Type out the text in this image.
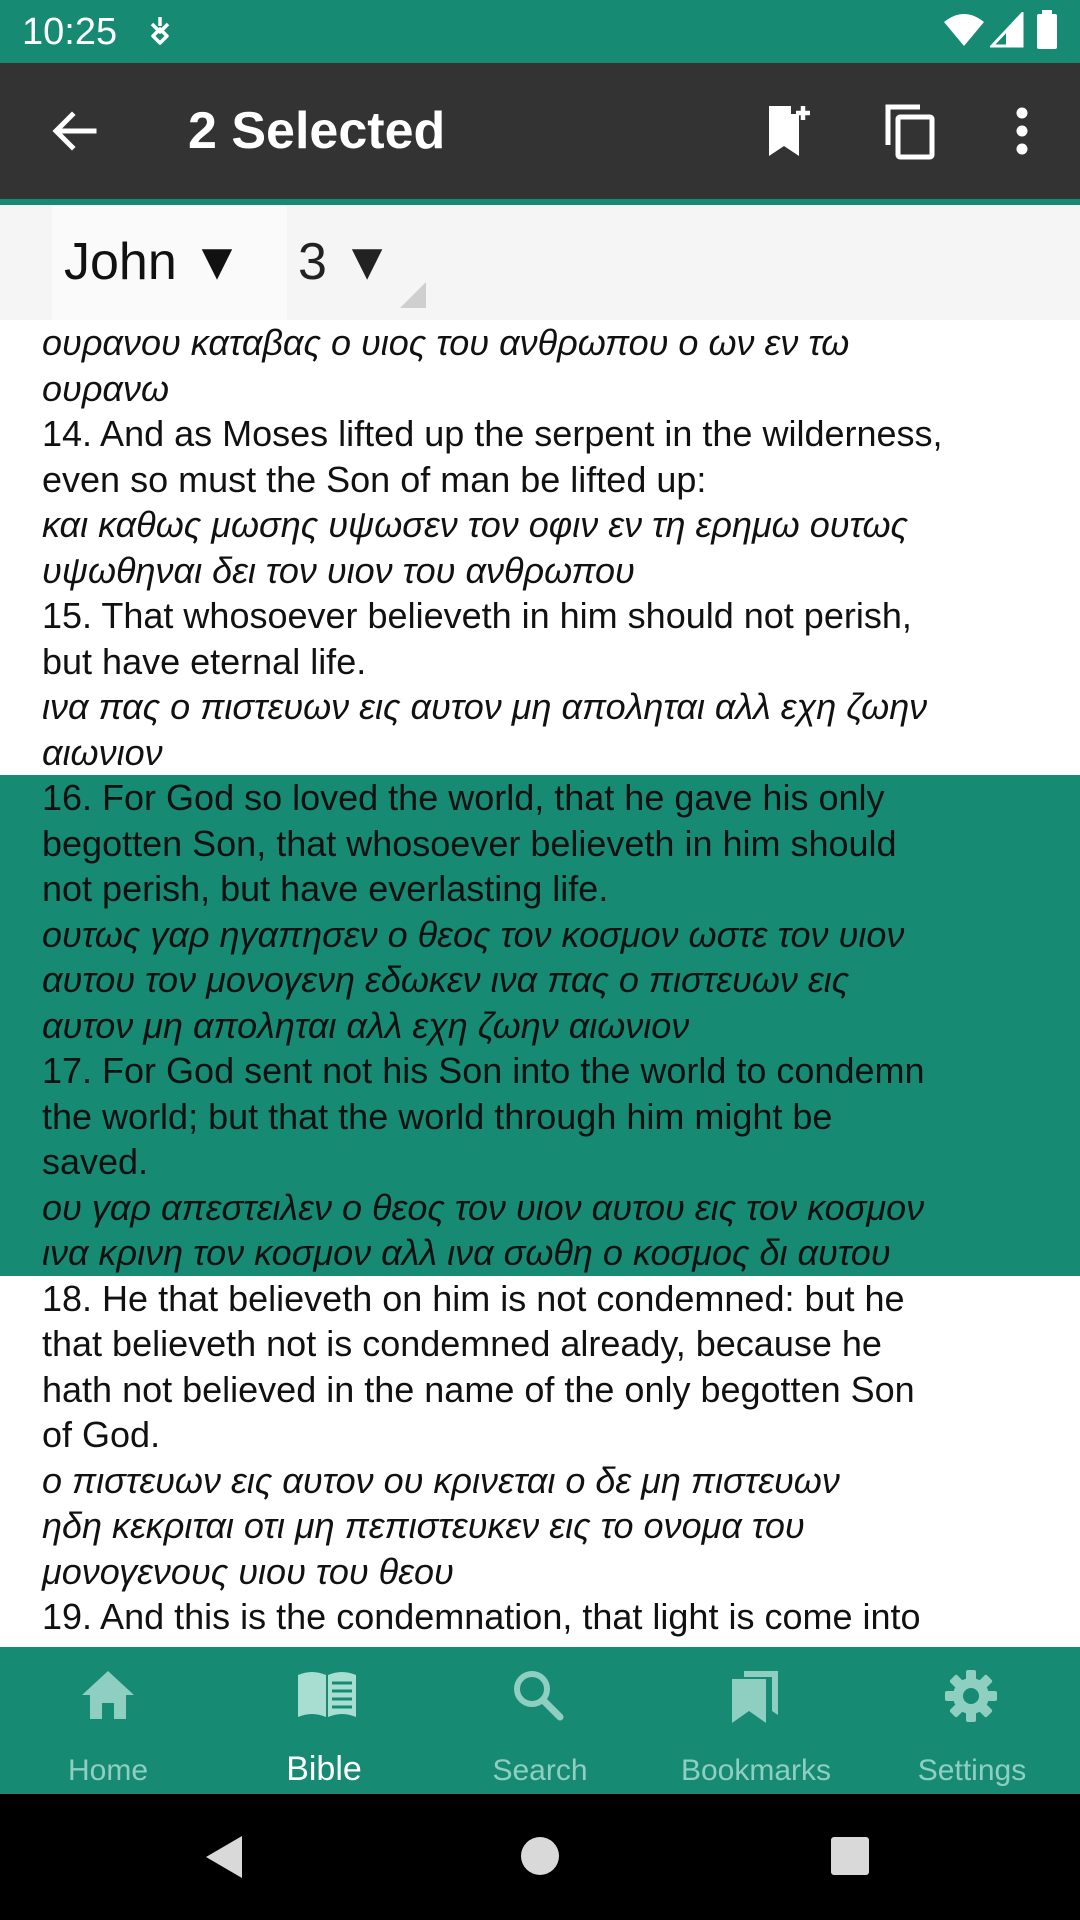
10:25
2 Selected
John ▼	3 ▼
ουρανου καταβας ο υιος του ανθρωπου ο ων εν τω
ουρανω
14. And as Moses lifted up the serpent in the wilderness,
even so must the Son of man be lifted up:
και καθως μωσης υψωσεν τον οφιν εν τη ερημω ουτως
υψωθηναι δει τον υιον του ανθρωπου
15. That whosoever believeth in him should not perish,
but have eternal life.
ινα πας ο πιστευων εις αυτον μη αποληται αλλ εχη ζωην
αιωνιον
16. For God so loved the world, that he gave his only
begotten Son, that whosoever believeth in him should
not perish, but have everlasting life.
ουτως γαρ ηγαπησεν ο θεος τον κοσμον ωστε τον υιον
αυτου τον μονογενη εδωκεν ινα πας ο πιστευων εις
αυτον μη αποληται αλλ εχη ζωην αιωνιον
17. For God sent not his Son into the world to condemn
the world; but that the world through him might be
saved.
ου γαρ απεστειλεν ο θεος τον υιον αυτου εις τον κοσμον
ινα κρινη τον κοσμον αλλ ινα σωθη ο κοσμος δι αυτου
18. He that believeth on him is not condemned: but he
that believeth not is condemned already, because he
hath not believed in the name of the only begotten Son
of God.
ο πιστευων εις αυτον ου κρινεται ο δε μη πιστευων
ηδη κεκριται οτι μη πεπιστευκεν εις το ονομα του
μονογενους υιου του θεου
19. And this is the condemnation, that light is come into
Home	Bible	Search	Bookmarks	Settings
